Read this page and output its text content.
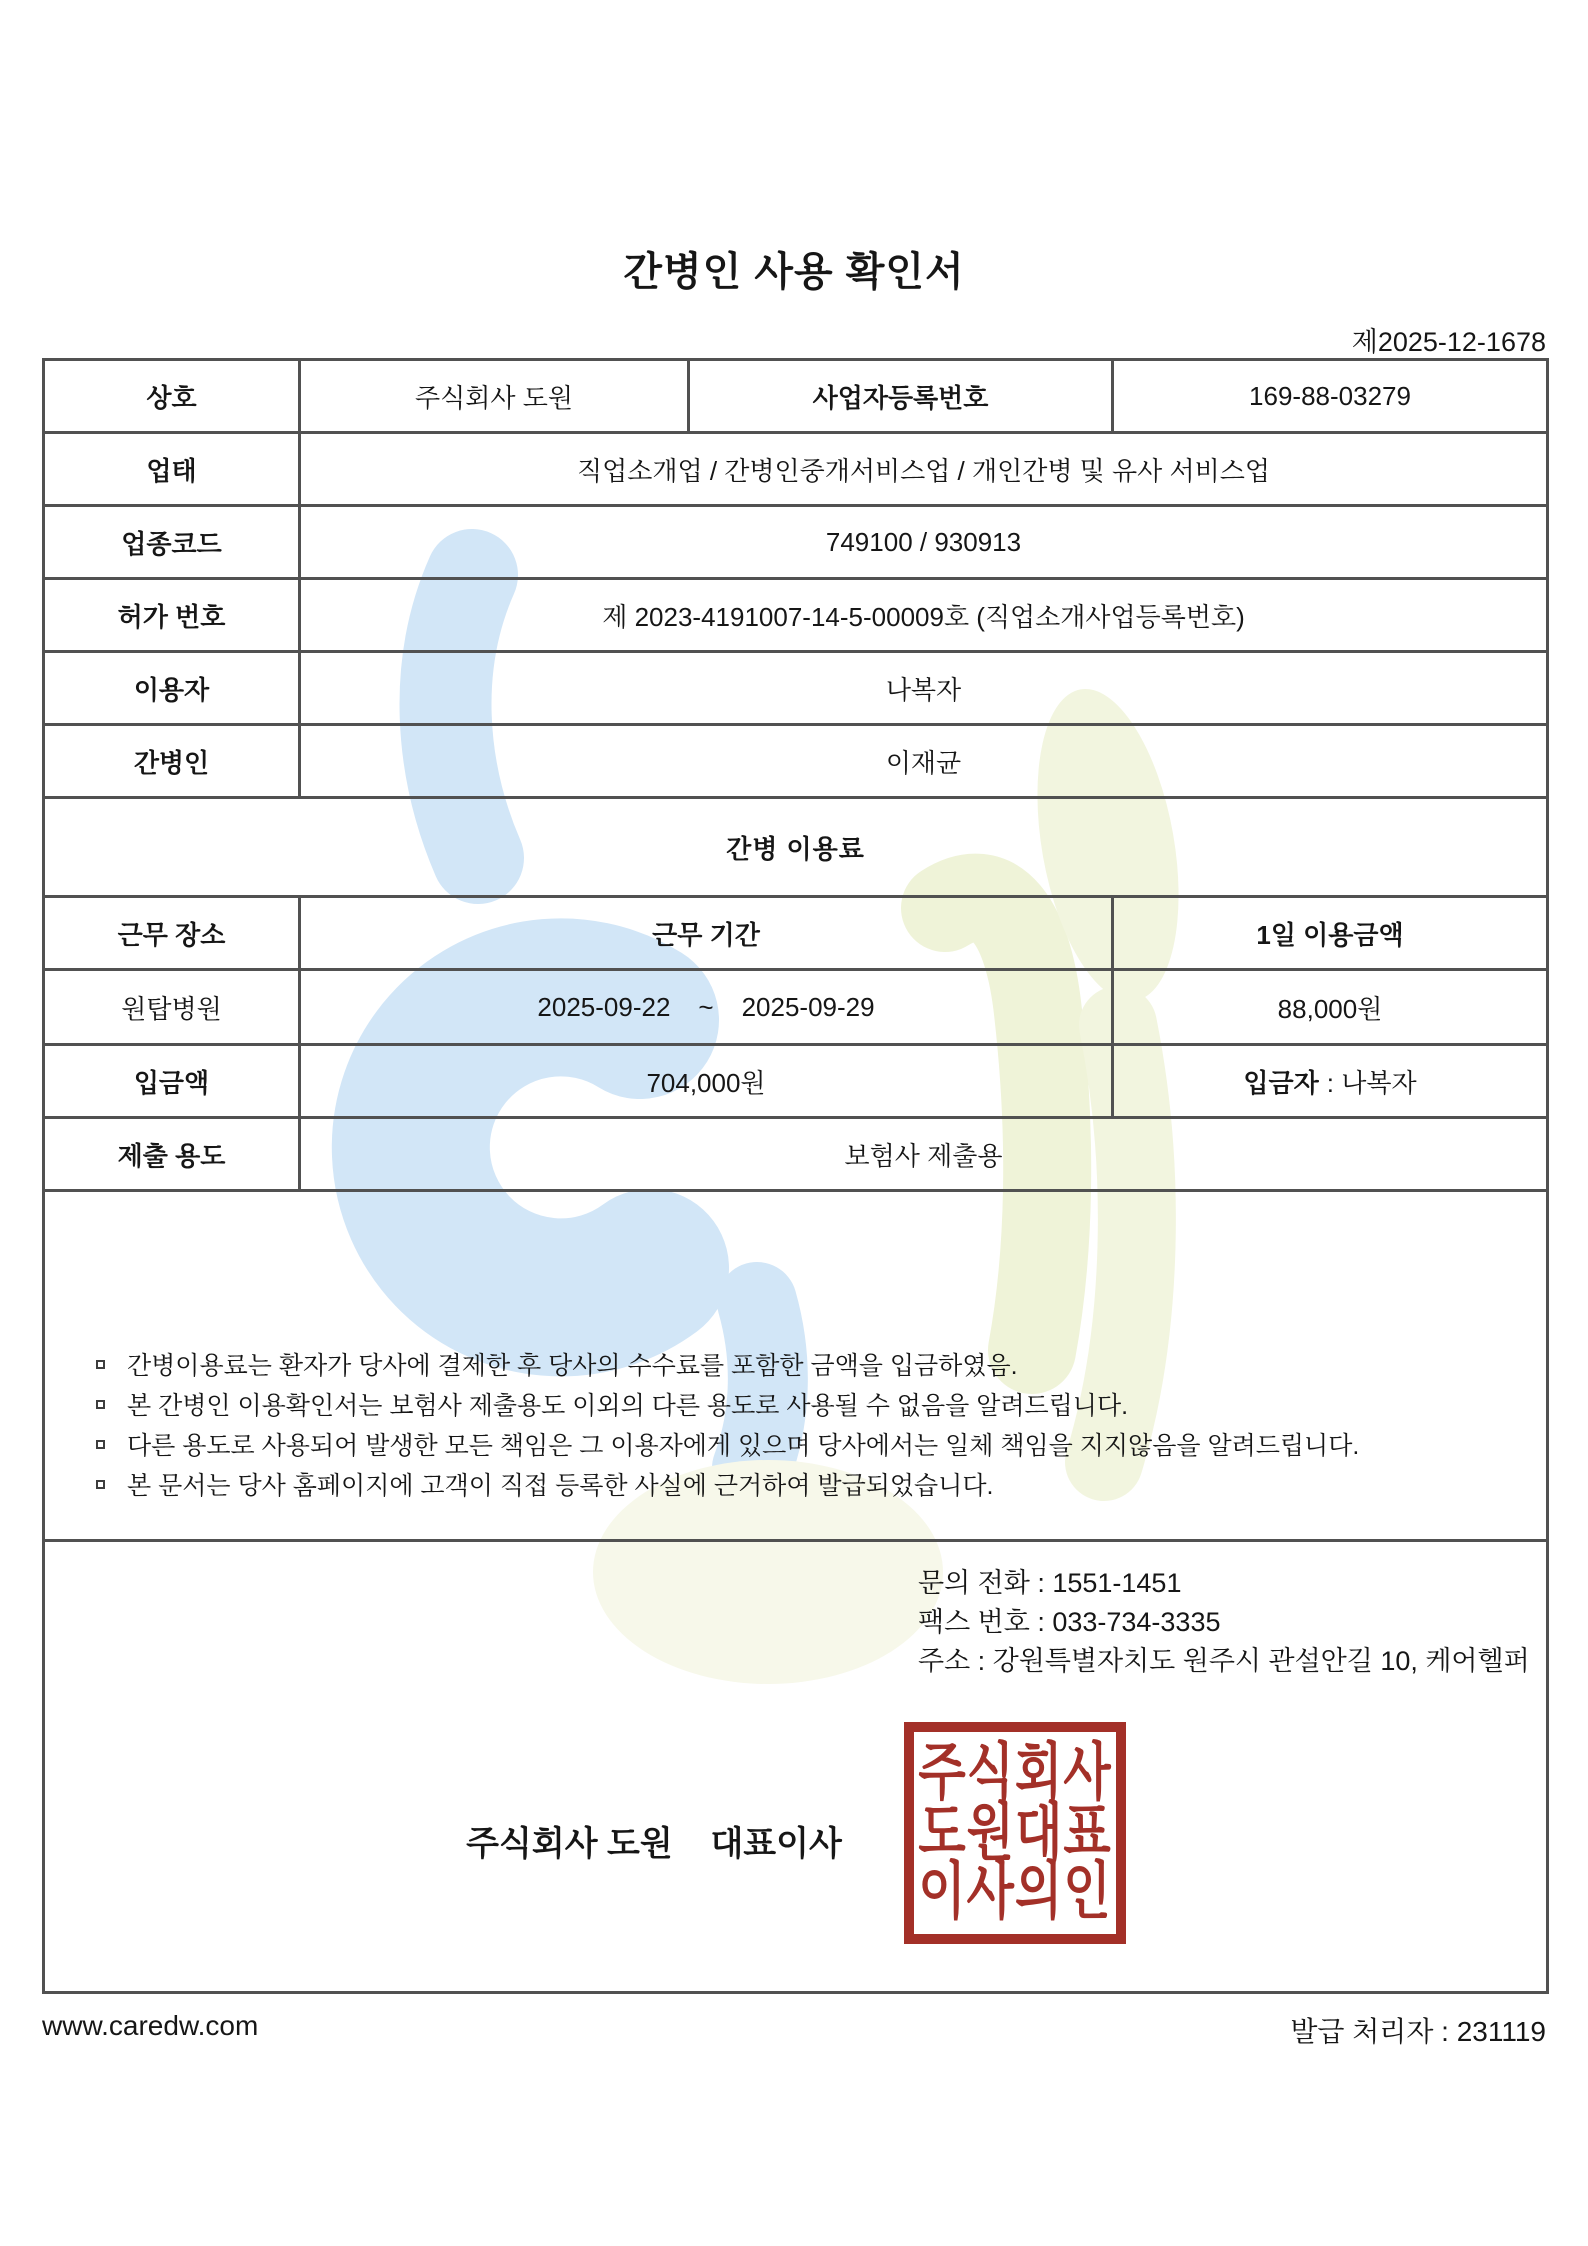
간병인 사용 확인서
제2025-12-1678
상호	주식회사 도원	사업자등록번호	169-88-03279
업태	직업소개업 / 간병인중개서비스업 / 개인간병 및 유사 서비스업		
업종코드	749100 / 930913		
허가 번호	제 2023-4191007-14-5-00009호 (직업소개사업등록번호)		
이용자	나복자		
간병인	이재균		
간병 이용료			
근무 장소	근무 기간		1일 이용금액
원탑병원	2025-09-22 ~ 2025-09-29		88,000원
입금액	704,000원		입금자 : 나복자
제출 용도	보험사 제출용		

간병이용료는 환자가 당사에 결제한 후 당사의 수수료를 포함한 금액을 입금하였음.
본 간병인 이용확인서는 보험사 제출용도 이외의 다른 용도로 사용될 수 없음을 알려드립니다.
다른 용도로 사용되어 발생한 모든 책임은 그 이용자에게 있으며 당사에서는 일체 책임을 지지않음을 알려드립니다.
본 문서는 당사 홈페이지에 고객이 직접 등록한 사실에 근거하여 발급되었습니다.			

문의 전화 : 1551-1451
팩스 번호 : 033-734-3335
주소 : 강원특별자치도 원주시 관설안길 10, 케어헬퍼
주식회사 도원    대표이사
주식회사
도원대표
이사의인
www.caredw.com	발급 처리자 : 231119
